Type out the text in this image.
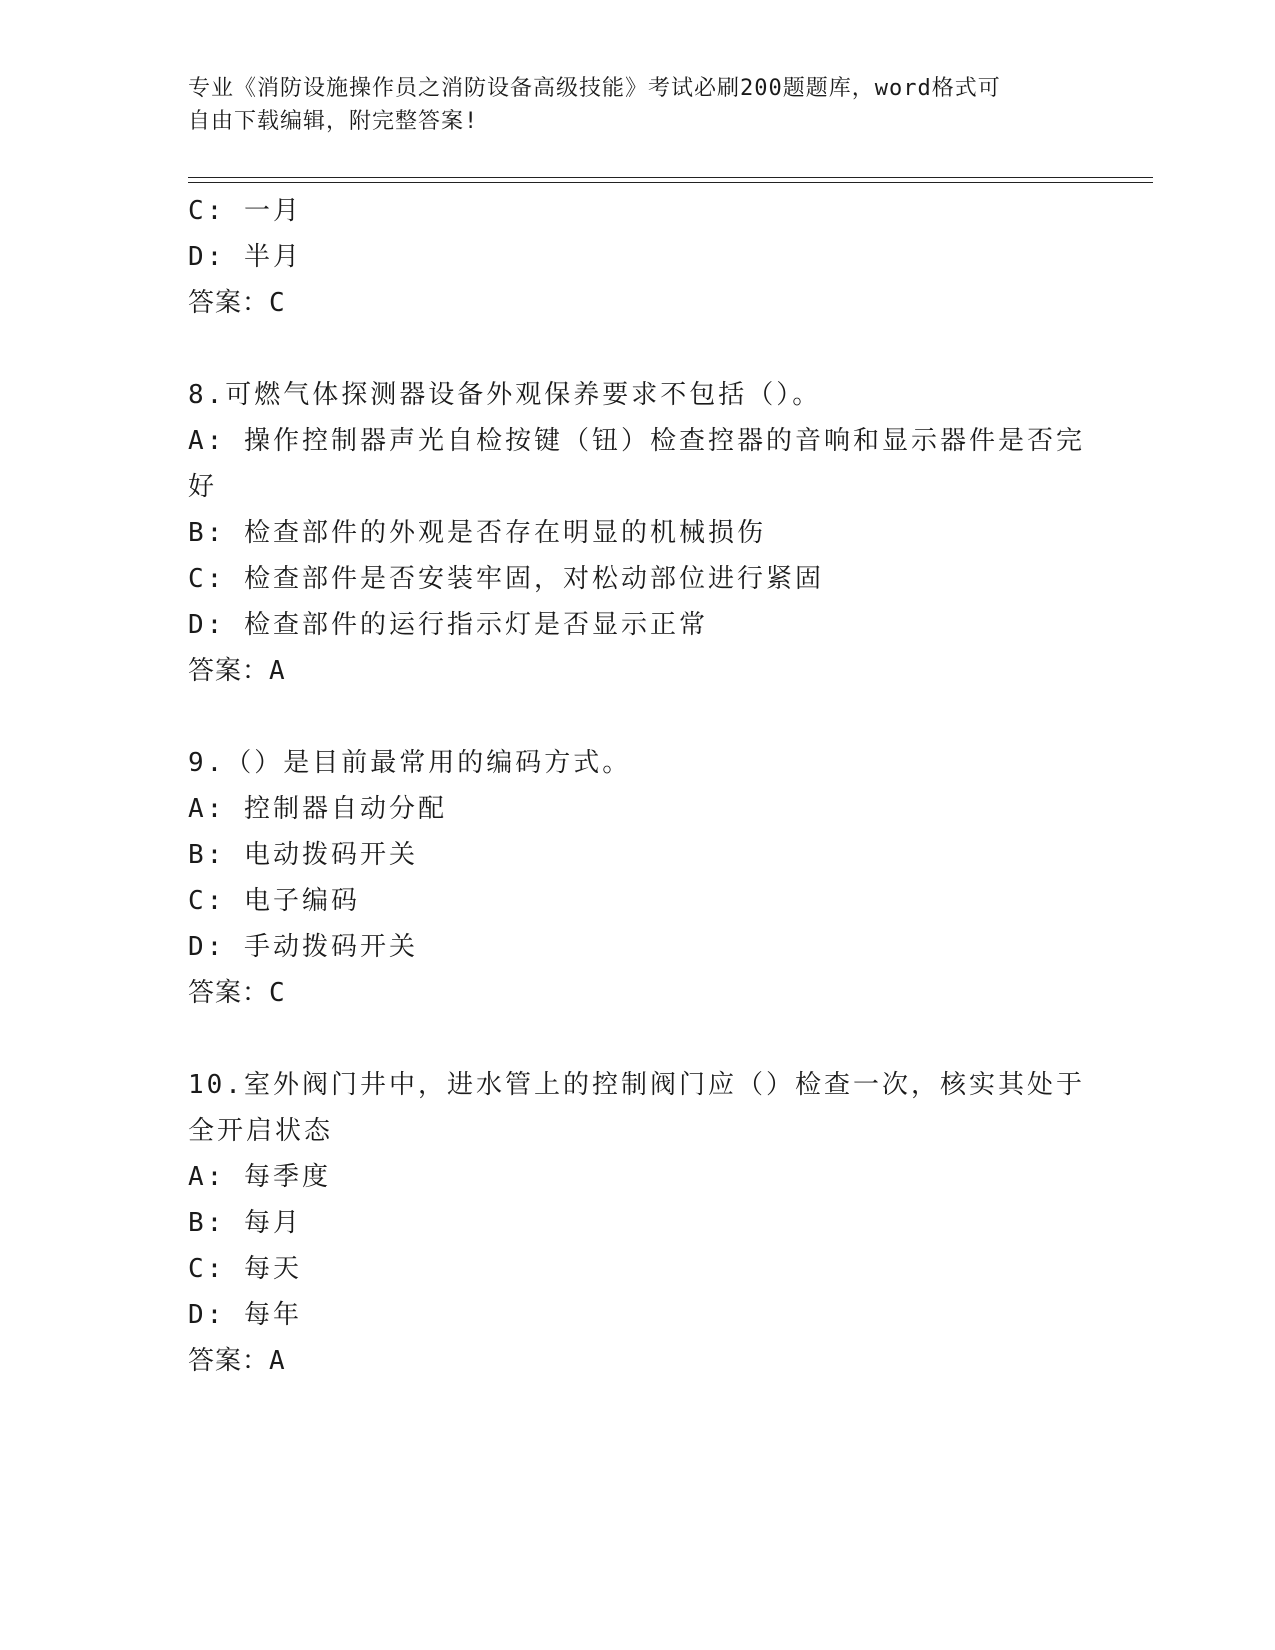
专业《消防设施操作员之消防设备高级技能》考试必刷200题题库，word格式可
自由下载编辑，附完整答案!
C: 一月
D: 半月
答案：C
8.可燃气体探测器设备外观保养要求不包括（）。
A: 操作控制器声光自检按键（钮）检查控器的音响和显示器件是否完
好
B: 检查部件的外观是否存在明显的机械损伤
C: 检查部件是否安装牢固，对松动部位进行紧固
D: 检查部件的运行指示灯是否显示正常
答案：A
9.（）是目前最常用的编码方式。
A: 控制器自动分配
B: 电动拨码开关
C: 电子编码
D: 手动拨码开关
答案：C
10.室外阀门井中，进水管上的控制阀门应（）检查一次，核实其处于
全开启状态
A: 每季度
B: 每月
C: 每天
D: 每年
答案：A
